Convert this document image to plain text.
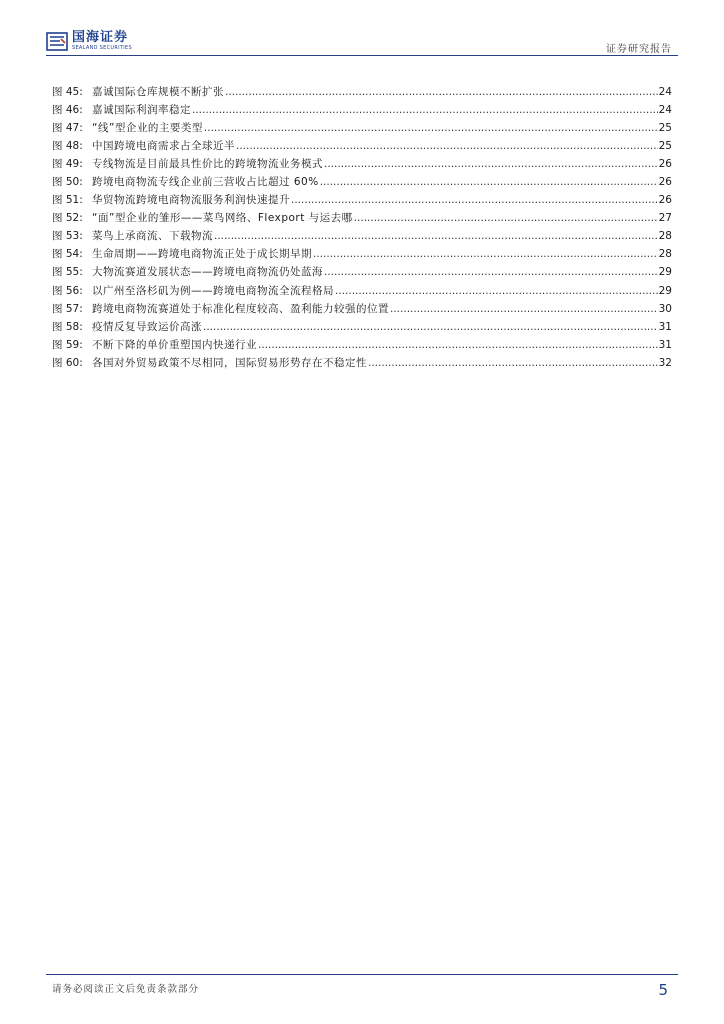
国海证券
SEALAND SECURITIES	证券研究报告
图 45: 嘉诚国际仓库规模不断扩张 .....	24
图 46: 嘉诚国际利润率稳定 .....	24
图 47: “线”型企业的主要类型 .....	25
图 48: 中国跨境电商需求占全球近半 .....	25
图 49: 专线物流是目前最具性价比的跨境物流业务模式 .....	26
图 50: 跨境电商物流专线企业前三营收占比超过 60% .....	26
图 51: 华贸物流跨境电商物流服务利润快速提升 .....	26
图 52: “面”型企业的雏形——菜鸟网络、Flexport 与运去哪 .....	27
图 53: 菜鸟上承商流、下载物流 .....	28
图 54: 生命周期——跨境电商物流正处于成长期早期 .....	28
图 55: 大物流赛道发展状态——跨境电商物流仍处蓝海 .....	29
图 56: 以广州至洛杉矶为例——跨境电商物流全流程格局 .....	29
图 57: 跨境电商物流赛道处于标准化程度较高、盈利能力较强的位置 .....	30
图 58: 疫情反复导致运价高涨 .....	31
图 59: 不断下降的单价重塑国内快递行业 .....	31
图 60: 各国对外贸易政策不尽相同，国际贸易形势存在不稳定性 .....	32
请务必阅读正文后免责条款部分	5
